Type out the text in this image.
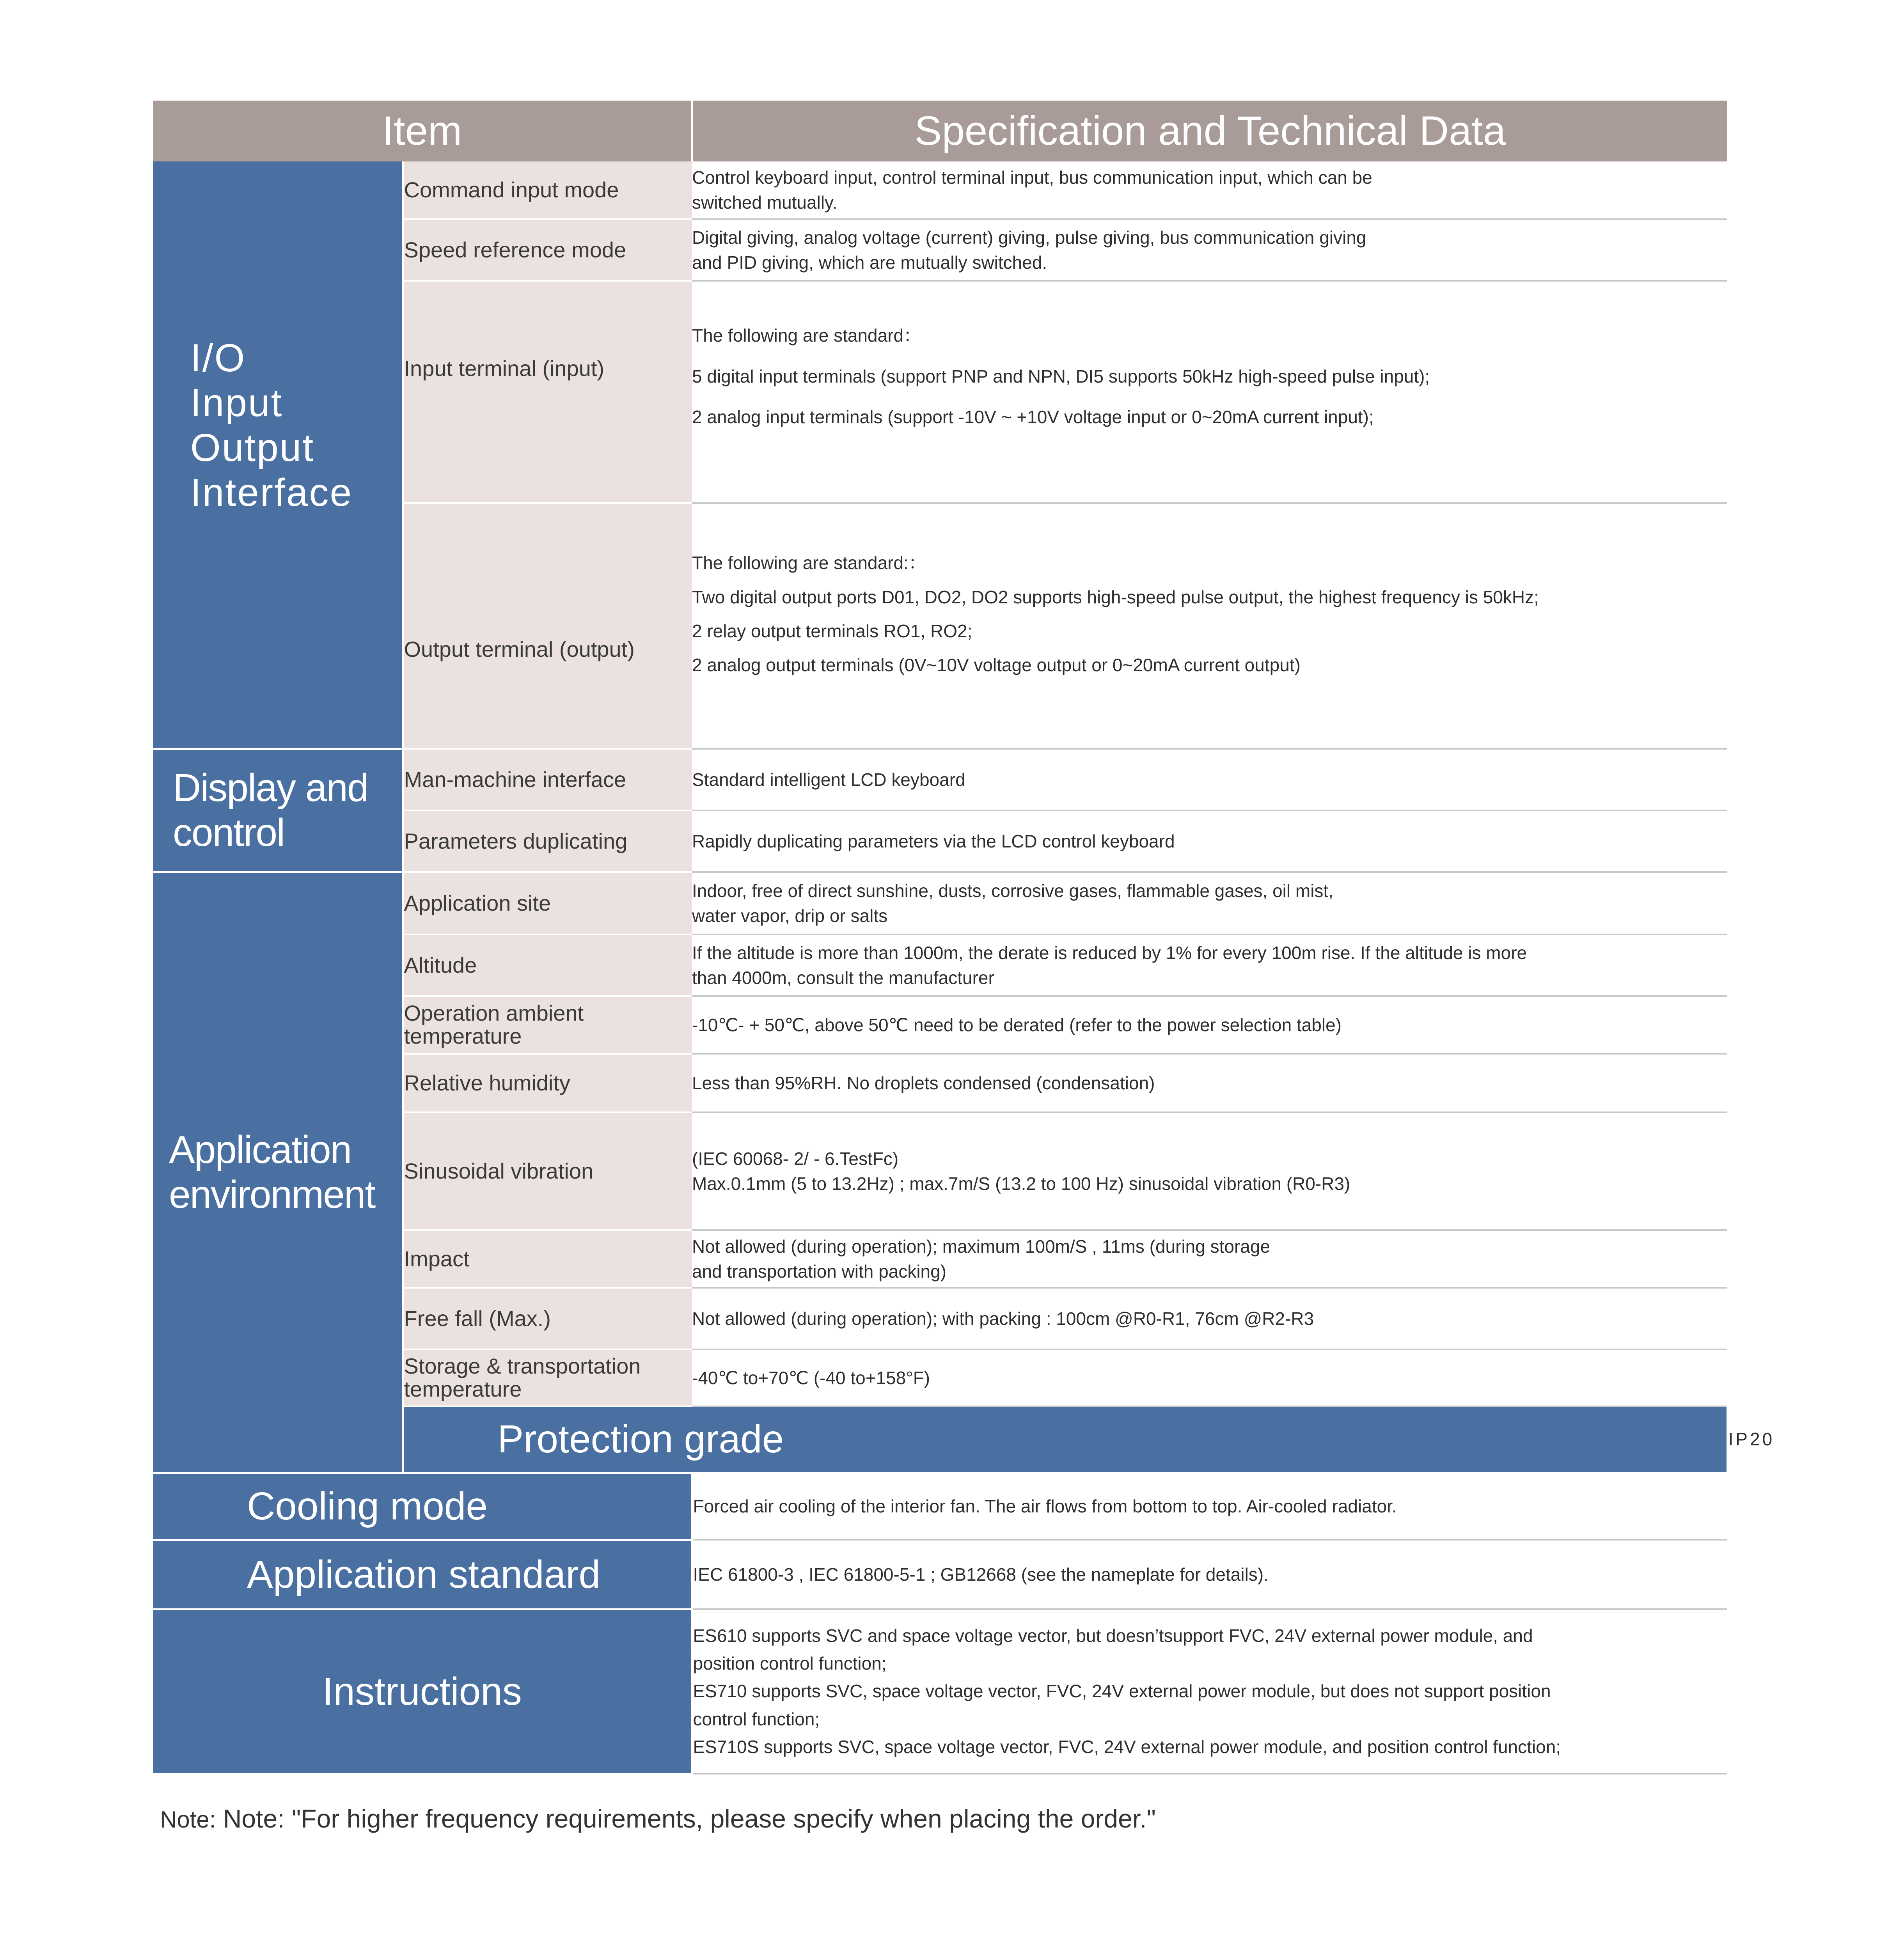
Item		Specification and Technical Data	

I/O
Input
Output
Interface	Command input mode	Control keyboard input, control terminal input, bus communication input, which can be
switched mutually.	

	Speed reference mode	Digital giving, analog voltage (current) giving, pulse giving, bus communication giving
and PID giving, which are mutually switched.	

	Input terminal (input)	The following are standard：
5 digital input terminals (support PNP and NPN, DI5 supports 50kHz high-speed pulse input);
2 analog input terminals (support -10V ~ +10V voltage input or 0~20mA current input);	

	Output terminal (output)	The following are standard:：
Two digital output ports D01, DO2, DO2 supports high-speed pulse output, the highest frequency is 50kHz;
2 relay output terminals RO1, RO2;
2 analog output terminals (0V~10V voltage output or 0~20mA current output)	

Display and
control	Man-machine interface	Standard intelligent LCD keyboard	

	Parameters duplicating	Rapidly duplicating parameters via the LCD control keyboard	

Application
environment	Application site	Indoor, free of direct sunshine, dusts, corrosive gases, flammable gases, oil mist,
water vapor, drip or salts	

	Altitude	If the altitude is more than 1000m, the derate is reduced by 1% for every 100m rise. If the altitude is more
than 4000m, consult the manufacturer	

	Operation ambient
temperature	-10℃- + 50℃, above 50℃ need to be derated (refer to the power selection table)	

	Relative humidity	Less than 95%RH. No droplets condensed (condensation)	

	Sinusoidal vibration	(IEC 60068- 2/ - 6.TestFc)
Max.0.1mm (5 to 13.2Hz) ; max.7m/S (13.2 to 100 Hz) sinusoidal vibration (R0-R3)	

	Impact	Not allowed (during operation); maximum 100m/S , 11ms (during storage
and transportation with packing)	

	Free fall (Max.)	Not allowed (during operation); with packing : 100cm @R0-R1, 76cm @R2-R3	

	Storage & transportation
temperature	-40℃ to+70℃ (-40 to+158°F)	

	Protection grade		IP20

Cooling mode		Forced air cooling of the interior fan. The air flows from bottom to top. Air-cooled radiator.	

Application standard		IEC 61800-3 , IEC 61800-5-1 ; GB12668 (see the nameplate for details).	

Instructions		ES610 supports SVC and space voltage vector, but doesn’tsupport FVC, 24V external power module, and
position control function;
ES710 supports SVC, space voltage vector, FVC, 24V external power module, but does not support position
control function;
ES710S supports SVC, space voltage vector, FVC, 24V external power module, and position control function;	
Note: Note: "For higher frequency requirements, please specify when placing the order."
